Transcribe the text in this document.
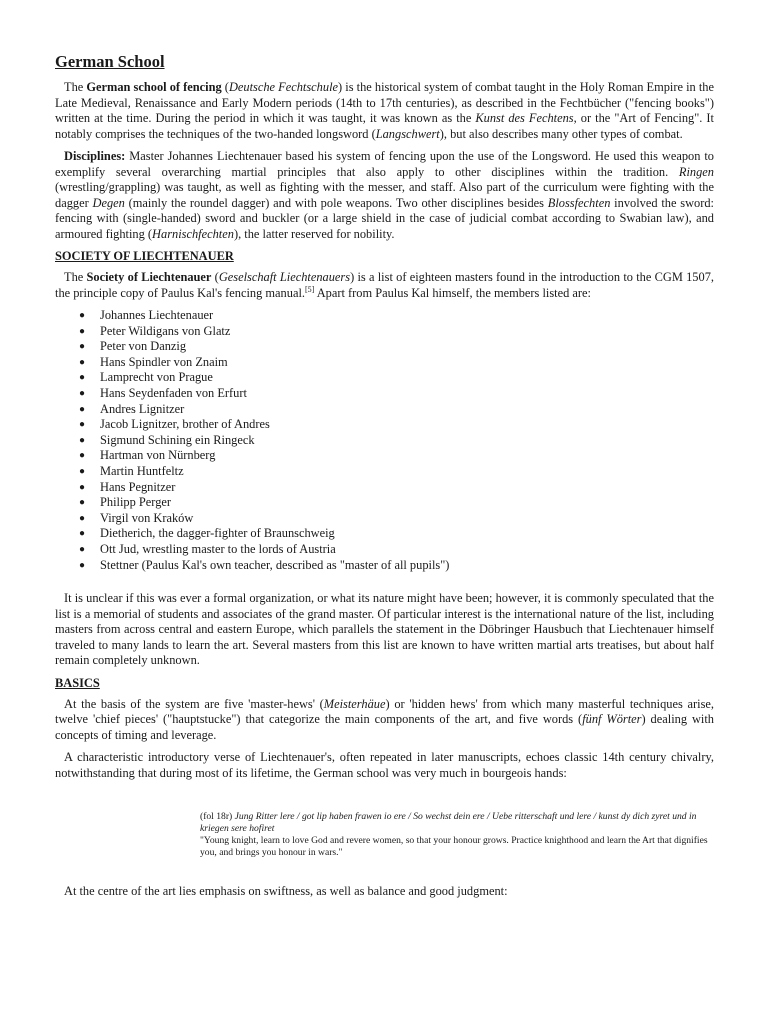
German School

The German school of fencing (Deutsche Fechtschule) is the historical system of combat taught in the Holy Roman Empire in the Late Medieval, Renaissance and Early Modern periods (14th to 17th centuries), as described in the Fechtbücher ("fencing books") written at the time. During the period in which it was taught, it was known as the Kunst des Fechtens, or the "Art of Fencing". It notably comprises the techniques of the two-handed longsword (Langschwert), but also describes many other types of combat.

Disciplines: Master Johannes Liechtenauer based his system of fencing upon the use of the Longsword. He used this weapon to exemplify several overarching martial principles that also apply to other disciplines within the tradition. Ringen (wrestling/grappling) was taught, as well as fighting with the messer, and staff. Also part of the curriculum were fighting with the dagger Degen (mainly the roundel dagger) and with pole weapons. Two other disciplines besides Blossfechten involved the sword: fencing with (single-handed) sword and buckler (or a large shield in the case of judicial combat according to Swabian law), and armoured fighting (Harnischfechten), the latter reserved for nobility.

SOCIETY OF LIECHTENAUER

The Society of Liechtenauer (Geselschaft Liechtenauers) is a list of eighteen masters found in the introduction to the CGM 1507, the principle copy of Paulus Kal's fencing manual.[5] Apart from Paulus Kal himself, the members listed are:

● Johannes Liechtenauer
● Peter Wildigans von Glatz
● Peter von Danzig
● Hans Spindler von Znaim
● Lamprecht von Prague
● Hans Seydenfaden von Erfurt
● Andres Lignitzer
● Jacob Lignitzer, brother of Andres
● Sigmund Schining ein Ringeck
● Hartman von Nürnberg
● Martin Huntfeltz
● Hans Pegnitzer
● Philipp Perger
● Virgil von Kraków
● Dietherich, the dagger-fighter of Braunschweig
● Ott Jud, wrestling master to the lords of Austria
● Stettner (Paulus Kal's own teacher, described as "master of all pupils")

It is unclear if this was ever a formal organization, or what its nature might have been; however, it is commonly speculated that the list is a memorial of students and associates of the grand master. Of particular interest is the international nature of the list, including masters from across central and eastern Europe, which parallels the statement in the Döbringer Hausbuch that Liechtenauer himself traveled to many lands to learn the art. Several masters from this list are known to have written martial arts treatises, but about half remain completely unknown.

BASICS

At the basis of the system are five 'master-hews' (Meisterhäue) or 'hidden hews' from which many masterful techniques arise, twelve 'chief pieces' ("hauptstucke") that categorize the main components of the art, and five words (fünf Wörter) dealing with concepts of timing and leverage.

A characteristic introductory verse of Liechtenauer's, often repeated in later manuscripts, echoes classic 14th century chivalry, notwithstanding that during most of its lifetime, the German school was very much in bourgeois hands:

(fol 18r) Jung Ritter lere / got lip haben frawen io ere / So wechst dein ere / Uebe ritterschaft und lere / kunst dy dich zyret und in kriegen sere hofiret
"Young knight, learn to love God and revere women, so that your honour grows. Practice knighthood and learn the Art that dignifies you, and brings you honour in wars."

At the centre of the art lies emphasis on swiftness, as well as balance and good judgment:
